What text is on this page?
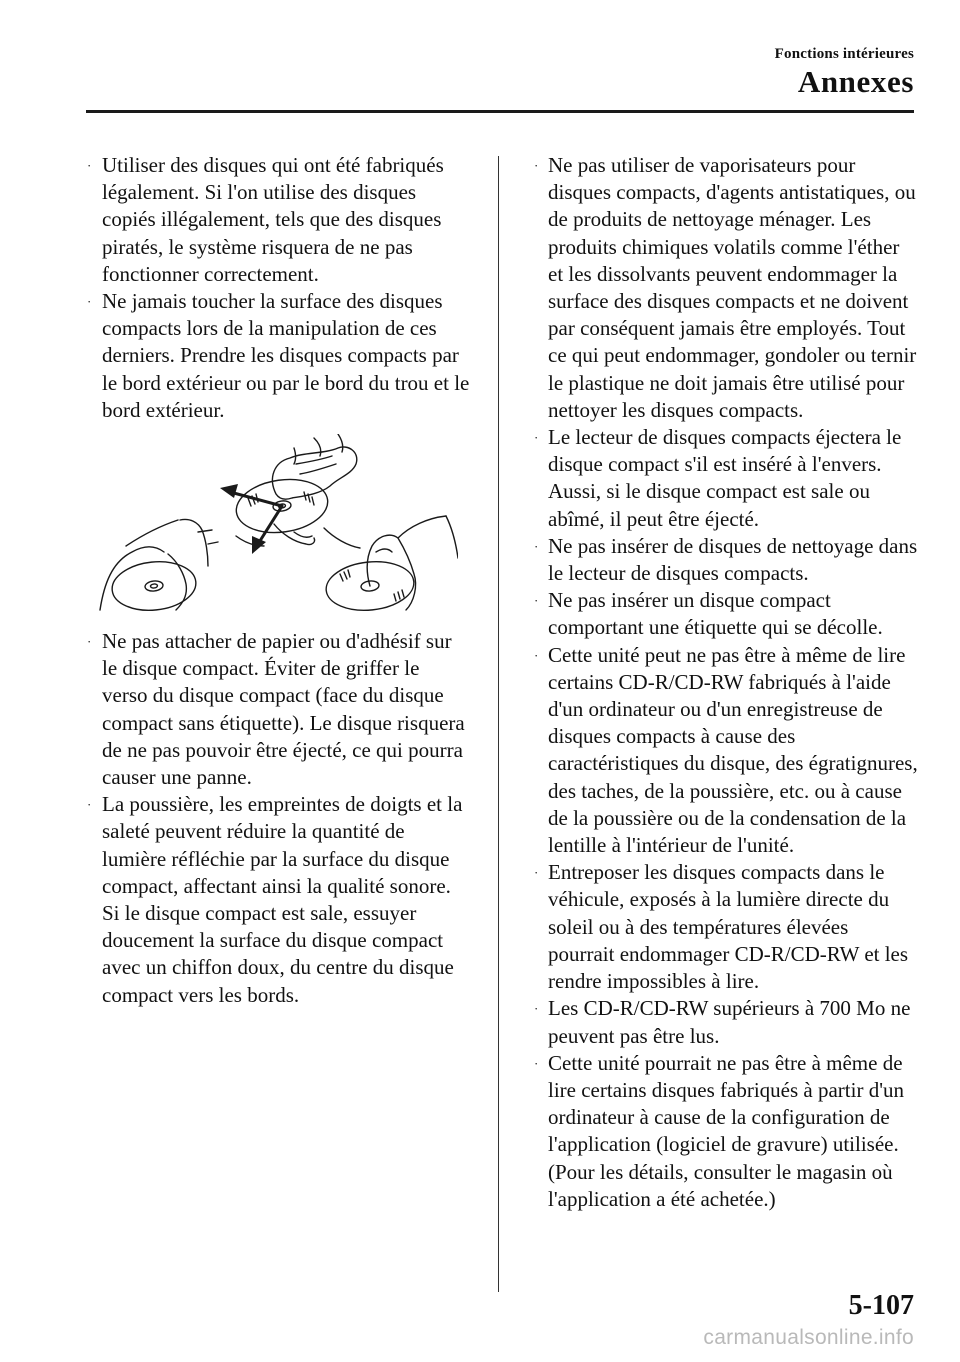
Fonctions intérieures
Annexes
· Utiliser des disques qui ont été fabriqués légalement. Si l'on utilise des disques copiés illégalement, tels que des disques piratés, le système risquera de ne pas fonctionner correctement.
· Ne jamais toucher la surface des disques compacts lors de la manipulation de ces derniers. Prendre les disques compacts par le bord extérieur ou par le bord du trou et le bord extérieur.
· Ne pas attacher de papier ou d'adhésif sur le disque compact. Éviter de griffer le verso du disque compact (face du disque compact sans étiquette). Le disque risquera de ne pas pouvoir être éjecté, ce qui pourra causer une panne.
· La poussière, les empreintes de doigts et la saleté peuvent réduire la quantité de lumière réfléchie par la surface du disque compact, affectant ainsi la qualité sonore. Si le disque compact est sale, essuyer doucement la surface du disque compact avec un chiffon doux, du centre du disque compact vers les bords.
· Ne pas utiliser de vaporisateurs pour disques compacts, d'agents antistatiques, ou de produits de nettoyage ménager. Les produits chimiques volatils comme l'éther et les dissolvants peuvent endommager la surface des disques compacts et ne doivent par conséquent jamais être employés. Tout ce qui peut endommager, gondoler ou ternir le plastique ne doit jamais être utilisé pour nettoyer les disques compacts.
· Le lecteur de disques compacts éjectera le disque compact s'il est inséré à l'envers. Aussi, si le disque compact est sale ou abîmé, il peut être éjecté.
· Ne pas insérer de disques de nettoyage dans le lecteur de disques compacts.
· Ne pas insérer un disque compact comportant une étiquette qui se décolle.
· Cette unité peut ne pas être à même de lire certains CD-R/CD-RW fabriqués à l'aide d'un ordinateur ou d'un enregistreuse de disques compacts à cause des caractéristiques du disque, des égratignures, des taches, de la poussière, etc. ou à cause de la poussière ou de la condensation de la lentille à l'intérieur de l'unité.
· Entreposer les disques compacts dans le véhicule, exposés à la lumière directe du soleil ou à des températures élevées pourrait endommager CD-R/CD-RW et les rendre impossibles à lire.
· Les CD-R/CD-RW supérieurs à 700 Mo ne peuvent pas être lus.
· Cette unité pourrait ne pas être à même de lire certains disques fabriqués à partir d'un ordinateur à cause de la configuration de l'application (logiciel de gravure) utilisée. (Pour les détails, consulter le magasin où l'application a été achetée.)
5-107
carmanualsonline.info
